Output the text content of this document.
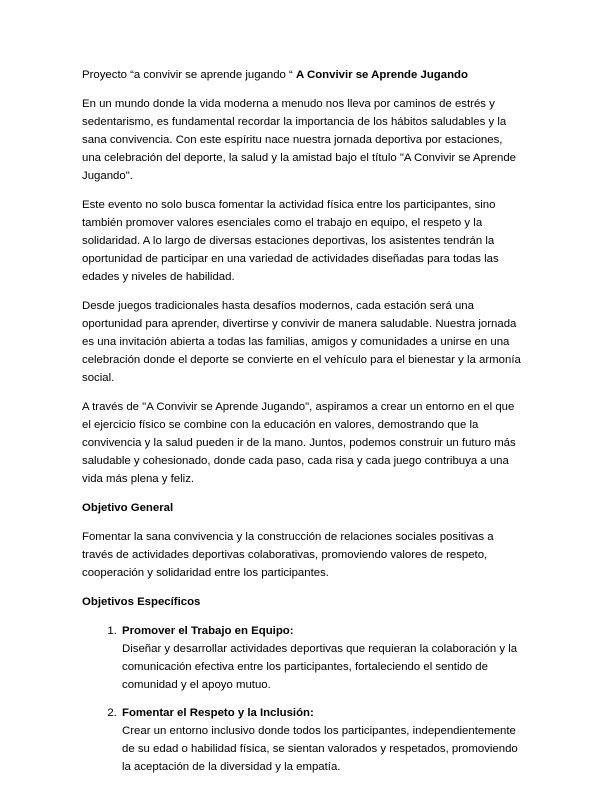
Proyecto “a convivir se aprende jugando “ A Convivir se Aprende Jugando

En un mundo donde la vida moderna a menudo nos lleva por caminos de estrés y sedentarismo, es fundamental recordar la importancia de los hábitos saludables y la sana convivencia. Con este espíritu nace nuestra jornada deportiva por estaciones, una celebración del deporte, la salud y la amistad bajo el título "A Convivir se Aprende Jugando".

Este evento no solo busca fomentar la actividad física entre los participantes, sino también promover valores esenciales como el trabajo en equipo, el respeto y la solidaridad. A lo largo de diversas estaciones deportivas, los asistentes tendrán la oportunidad de participar en una variedad de actividades diseñadas para todas las edades y niveles de habilidad.

Desde juegos tradicionales hasta desafíos modernos, cada estación será una oportunidad para aprender, divertirse y convivir de manera saludable. Nuestra jornada es una invitación abierta a todas las familias, amigos y comunidades a unirse en una celebración donde el deporte se convierte en el vehículo para el bienestar y la armonía social.

A través de "A Convivir se Aprende Jugando", aspiramos a crear un entorno en el que el ejercicio físico se combine con la educación en valores, demostrando que la convivencia y la salud pueden ir de la mano. Juntos, podemos construir un futuro más saludable y cohesionado, donde cada paso, cada risa y cada juego contribuya a una vida más plena y feliz.

Objetivo General

Fomentar la sana convivencia y la construcción de relaciones sociales positivas a través de actividades deportivas colaborativas, promoviendo valores de respeto, cooperación y solidaridad entre los participantes.

Objetivos Específicos
1. Promover el Trabajo en Equipo:
Diseñar y desarrollar actividades deportivas que requieran la colaboración y la comunicación efectiva entre los participantes, fortaleciendo el sentido de comunidad y el apoyo mutuo.
2. Fomentar el Respeto y la Inclusión:
Crear un entorno inclusivo donde todos los participantes, independientemente de su edad o habilidad física, se sientan valorados y respetados, promoviendo la aceptación de la diversidad y la empatía.
